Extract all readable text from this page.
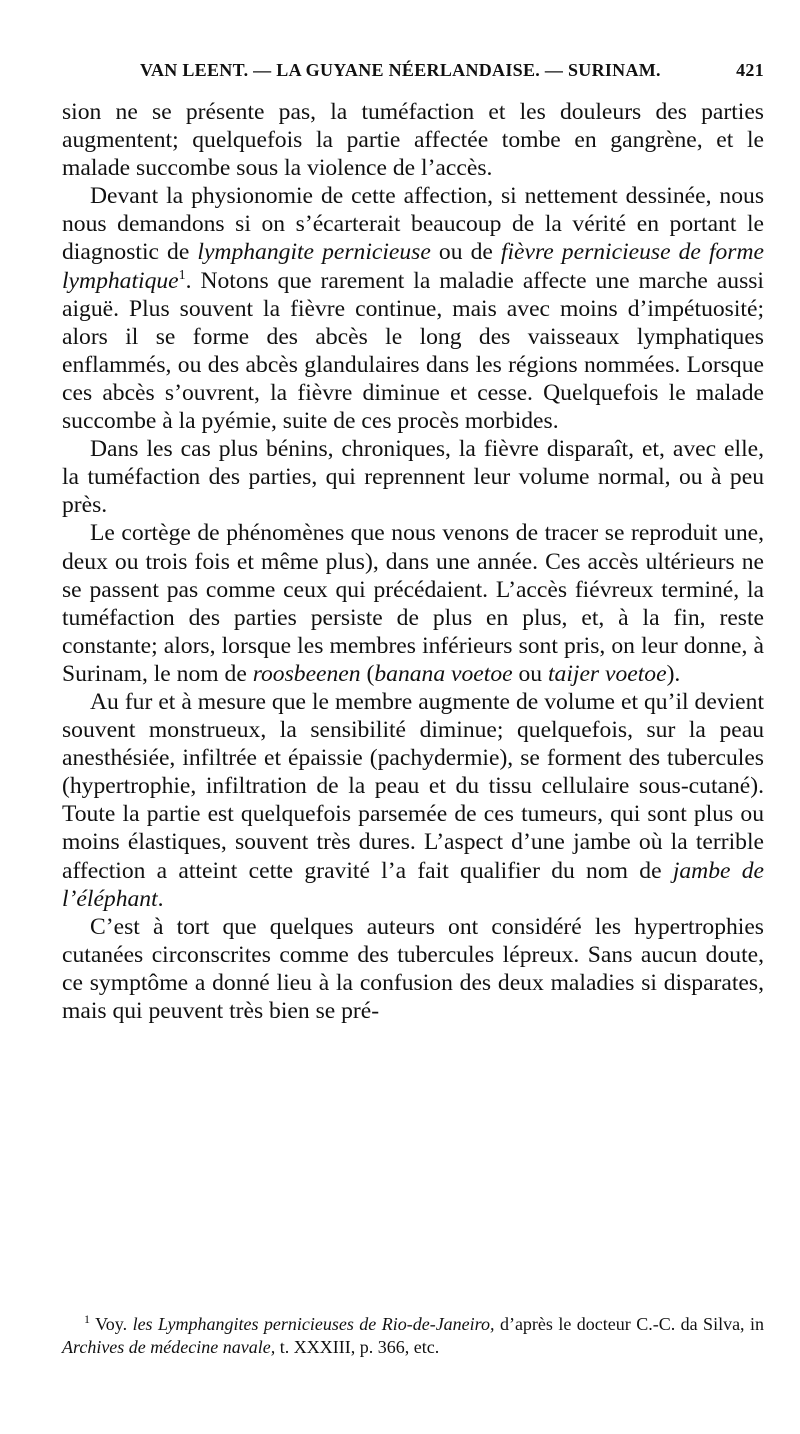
VAN LEENT. — LA GUYANE NÉERLANDAISE. — SURINAM.	421

sion ne se présente pas, la tuméfaction et les douleurs des parties augmentent; quelquefois la partie affectée tombe en gangrène, et le malade succombe sous la violence de l’accès.

Devant la physionomie de cette affection, si nettement dessinée, nous nous demandons si on s’écarterait beaucoup de la vérité en portant le diagnostic de lymphangite pernicieuse ou de fièvre pernicieuse de forme lymphatique$^1$. Notons que rarement la maladie affecte une marche aussi aiguë. Plus souvent la fièvre continue, mais avec moins d’impétuosité; alors il se forme des abcès le long des vaisseaux lymphatiques enflammés, ou des abcès glandulaires dans les régions nommées. Lorsque ces abcès s’ouvrent, la fièvre diminue et cesse. Quelquefois le malade succombe à la pyémie, suite de ces procès morbides.

Dans les cas plus bénins, chroniques, la fièvre disparaît, et, avec elle, la tuméfaction des parties, qui reprennent leur volume normal, ou à peu près.

Le cortège de phénomènes que nous venons de tracer se reproduit une, deux ou trois fois et même plus), dans une année. Ces accès ultérieurs ne se passent pas comme ceux qui précédaient. L’accès fiévreux terminé, la tuméfaction des parties persiste de plus en plus, et, à la fin, reste constante; alors, lorsque les membres inférieurs sont pris, on leur donne, à Surinam, le nom de roosbeenen (banana voetoe ou taijer voetoe).

Au fur et à mesure que le membre augmente de volume et qu’il devient souvent monstrueux, la sensibilité diminue; quelquefois, sur la peau anesthésiée, infiltrée et épaissie (pachydermie), se forment des tubercules (hypertrophie, infiltration de la peau et du tissu cellulaire sous-cutané). Toute la partie est quelquefois parsemée de ces tumeurs, qui sont plus ou moins élastiques, souvent très dures. L’aspect d’une jambe où la terrible affection a atteint cette gravité l’a fait qualifier du nom de jambe de l’éléphant.

C’est à tort que quelques auteurs ont considéré les hypertrophies cutanées circonscrites comme des tubercules lépreux. Sans aucun doute, ce symptôme a donné lieu à la confusion des deux maladies si disparates, mais qui peuvent très bien se pré-

$^1$ Voy. les Lymphangites pernicieuses de Rio-de-Janeiro, d’après le docteur C.-C. da Silva, in Archives de médecine navale, t. XXXIII, p. 366, etc.
